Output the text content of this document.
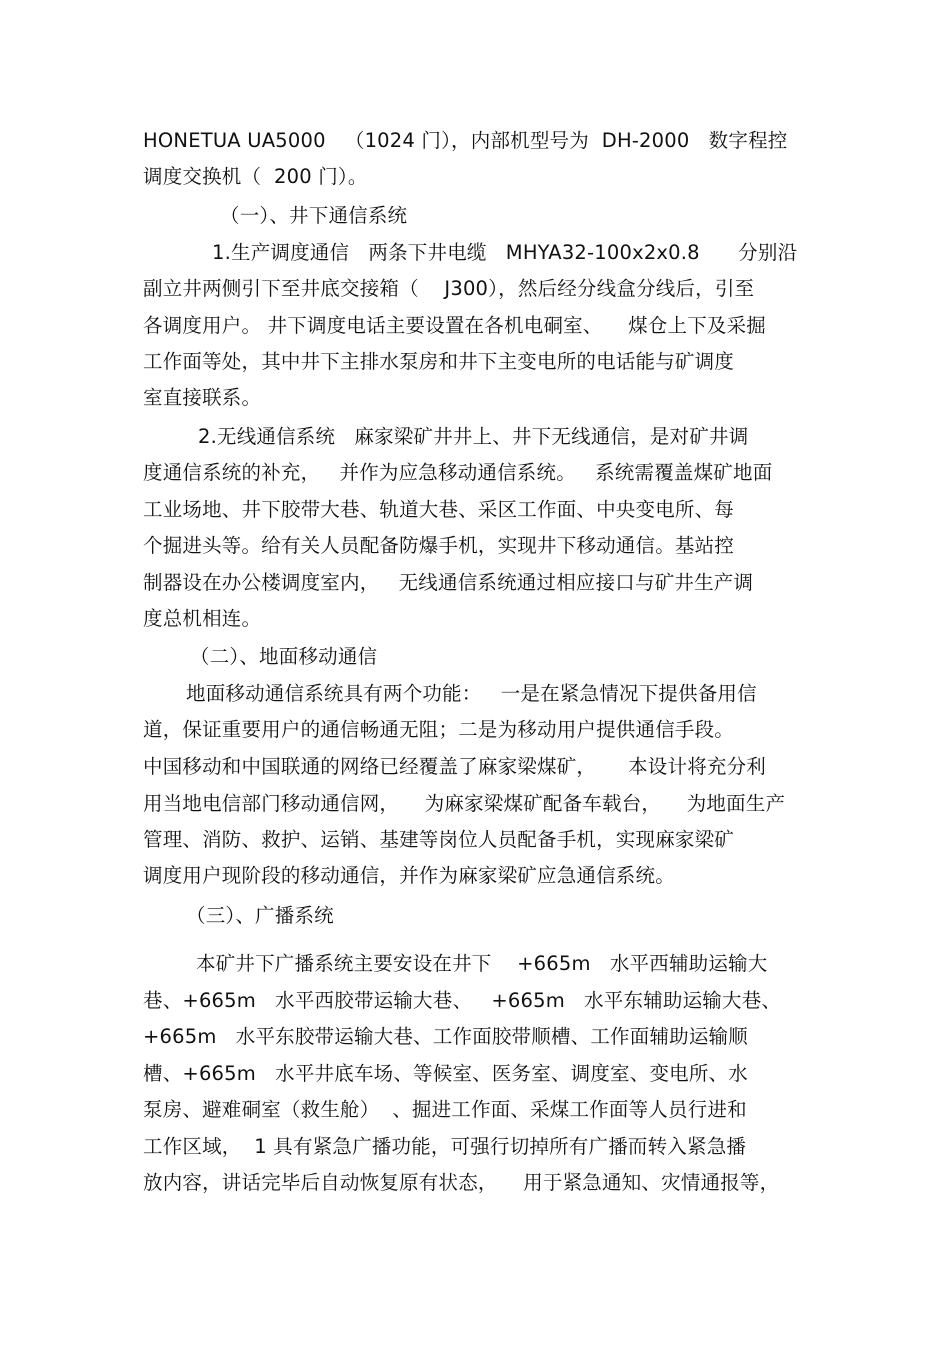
HONETUA UA5000   （1024 门），内部机型号为  DH-2000   数字程控
调度交换机（  200 门）。
（一）、井下通信系统
1.生产调度通信   两条下井电缆   MHYA32-100x2x0.8      分别沿
副立井两侧引下至井底交接箱（    J300），然后经分线盒分线后，引至
各调度用户。 井下调度电话主要设置在各机电硐室、    煤仓上下及采掘
工作面等处，其中井下主排水泵房和井下主变电所的电话能与矿调度
室直接联系。
2.无线通信系统   麻家梁矿井井上、井下无线通信，是对矿井调
度通信系统的补充，   并作为应急移动通信系统。   系统需覆盖煤矿地面
工业场地、井下胶带大巷、轨道大巷、采区工作面、中央变电所、每
个掘进头等。给有关人员配备防爆手机，实现井下移动通信。基站控
制器设在办公楼调度室内，   无线通信系统通过相应接口与矿井生产调
度总机相连。
（二）、地面移动通信
地面移动通信系统具有两个功能：   一是在紧急情况下提供备用信
道，保证重要用户的通信畅通无阻；二是为移动用户提供通信手段。
中国移动和中国联通的网络已经覆盖了麻家梁煤矿，     本设计将充分利
用当地电信部门移动通信网，    为麻家梁煤矿配备车载台，    为地面生产
管理、消防、救护、运销、基建等岗位人员配备手机，实现麻家梁矿
调度用户现阶段的移动通信，并作为麻家梁矿应急通信系统。
（三）、广播系统
本矿井下广播系统主要安设在井下    +665m   水平西辅助运输大
巷、+665m   水平西胶带运输大巷、   +665m   水平东辅助运输大巷、
+665m   水平东胶带运输大巷、工作面胶带顺槽、工作面辅助运输顺
槽、+665m   水平井底车场、等候室、医务室、调度室、变电所、水
泵房、避难硐室（救生舱）  、掘进工作面、采煤工作面等人员行进和
工作区域，  1 具有紧急广播功能，可强行切掉所有广播而转入紧急播
放内容，讲话完毕后自动恢复原有状态，    用于紧急通知、灾情通报等，
